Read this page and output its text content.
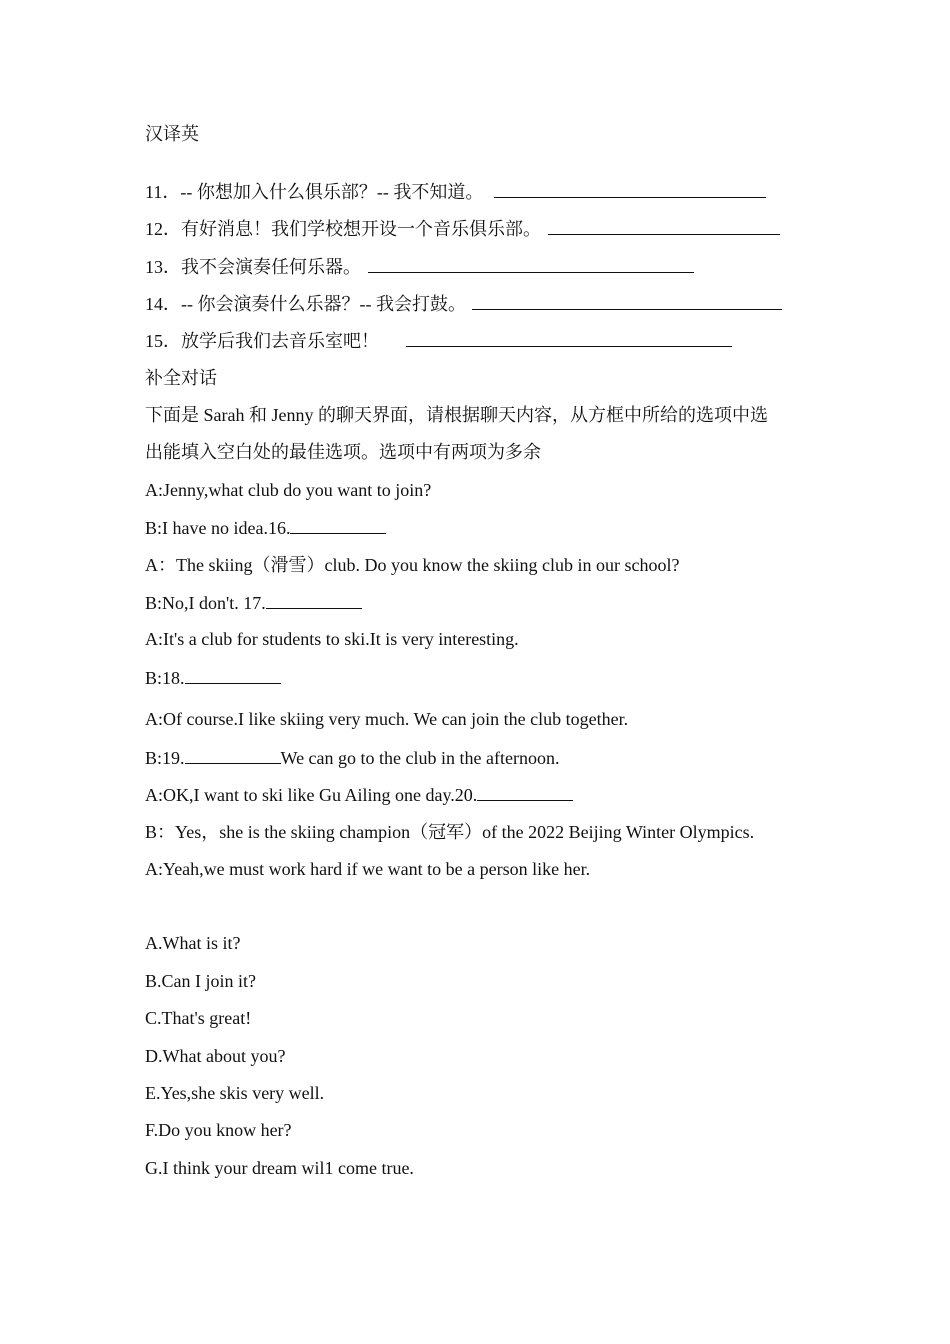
汉译英
11．-- 你想加入什么俱乐部？-- 我不知道。
12．有好消息！我们学校想开设一个音乐俱乐部。
13．我不会演奏任何乐器。
14．-- 你会演奏什么乐器？-- 我会打鼓。
15．放学后我们去音乐室吧！
补全对话
下面是 Sarah 和 Jenny 的聊天界面，请根据聊天内容，从方框中所给的选项中选
出能填入空白处的最佳选项。选项中有两项为多余
A:Jenny,what club do you want to join?
B:I have no idea.16.
A：The skiing（滑雪）club. Do you know the skiing club in our school?
B:No,I don't. 17.
A:It's a club for students to ski.It is very interesting.
B:18.
A:Of course.I like skiing very much. We can join the club together.
B:19.	We can go to the club in the afternoon.
A:OK,I want to ski like Gu Ailing one day.20.
B：Yes，she is the skiing champion（冠军）of the 2022 Beijing Winter Olympics.
A:Yeah,we must work hard if we want to be a person like her.
A.What is it?
B.Can I join it?
C.That's great!
D.What about you?
E.Yes,she skis very well.
F.Do you know her?
G.I think your dream wil1 come true.
